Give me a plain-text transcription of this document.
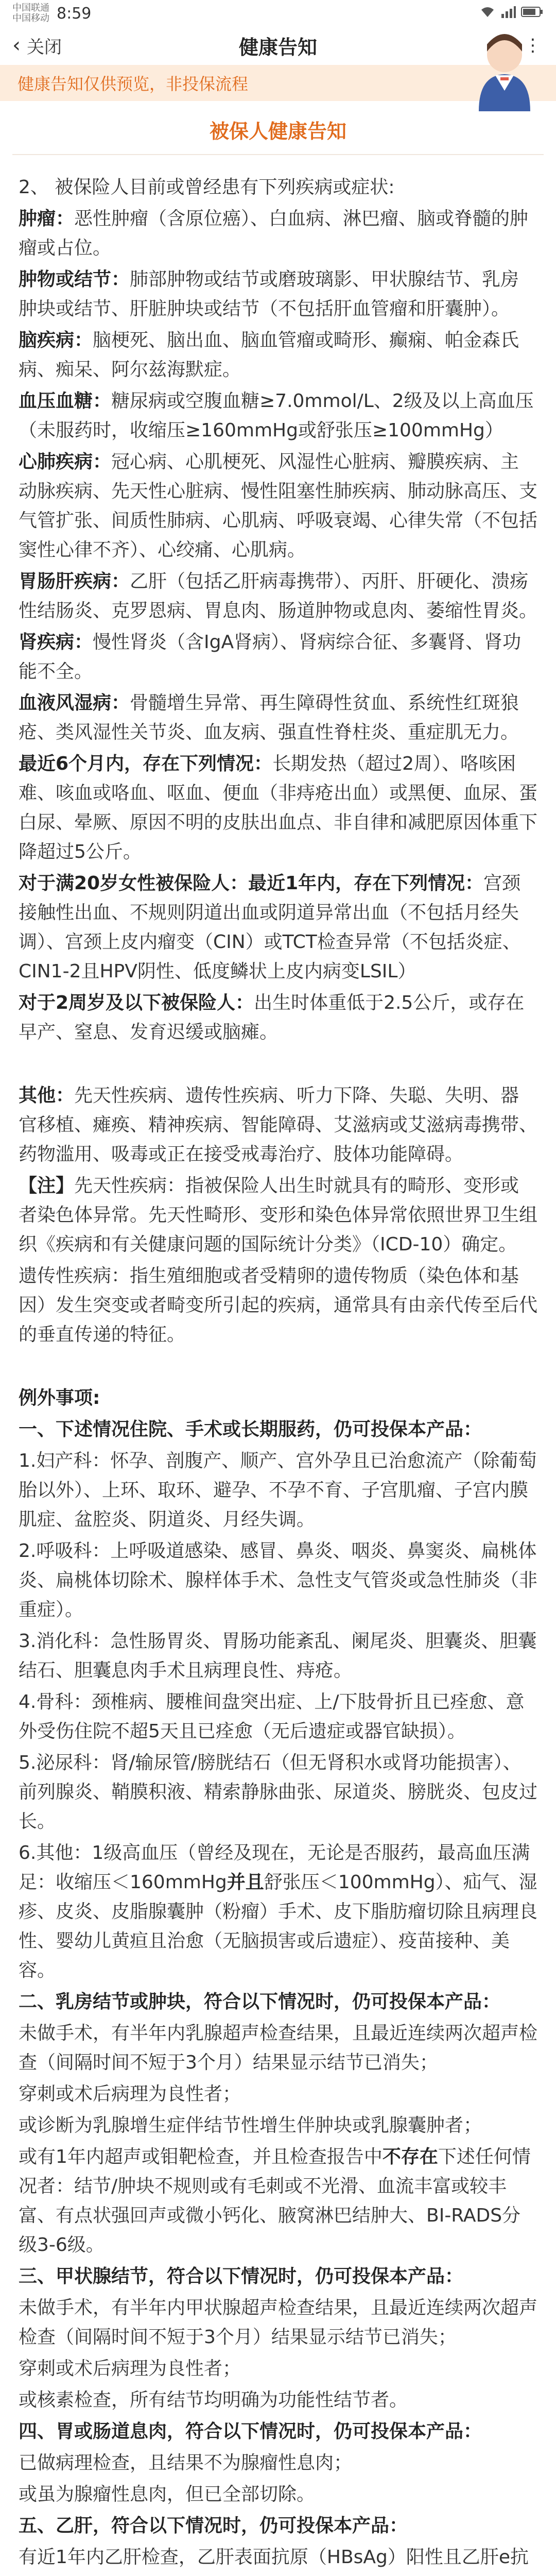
中国联通
中国移动 8:59
‹ 关闭	健康告知	⋮
健康告知仅供预览，非投保流程
被保人健康告知

2、 被保险人目前或曾经患有下列疾病或症状:

肿瘤：恶性肿瘤（含原位癌）、白血病、淋巴瘤、脑或脊髓的肿瘤或占位。

肿物或结节：肺部肿物或结节或磨玻璃影、甲状腺结节、乳房肿块或结节、肝脏肿块或结节（不包括肝血管瘤和肝囊肿）。

脑疾病：脑梗死、脑出血、脑血管瘤或畸形、癫痫、帕金森氏病、痴呆、阿尔兹海默症。

血压血糖：糖尿病或空腹血糖≥7.0mmol/L、2级及以上高血压（未服药时，收缩压≥160mmHg或舒张压≥100mmHg）

心肺疾病：冠心病、心肌梗死、风湿性心脏病、瓣膜疾病、主动脉疾病、先天性心脏病、慢性阻塞性肺疾病、肺动脉高压、支气管扩张、间质性肺病、心肌病、呼吸衰竭、心律失常（不包括窦性心律不齐）、心绞痛、心肌病。

胃肠肝疾病：乙肝（包括乙肝病毒携带）、丙肝、肝硬化、溃疡性结肠炎、克罗恩病、胃息肉、肠道肿物或息肉、萎缩性胃炎。

肾疾病：慢性肾炎（含IgA肾病）、肾病综合征、多囊肾、肾功能不全。

血液风湿病：骨髓增生异常、再生障碍性贫血、系统性红斑狼疮、类风湿性关节炎、血友病、强直性脊柱炎、重症肌无力。

最近6个月内，存在下列情况：长期发热（超过2周）、咯咳困难、咳血或咯血、呕血、便血（非痔疮出血）或黑便、血尿、蛋白尿、晕厥、原因不明的皮肤出血点、非自律和减肥原因体重下降超过5公斤。

对于满20岁女性被保险人：最近1年内，存在下列情况：宫颈接触性出血、不规则阴道出血或阴道异常出血（不包括月经失调）、宫颈上皮内瘤变（CIN）或TCT检查异常（不包括炎症、CIN1-2且HPV阴性、低度鳞状上皮内病变LSIL）

对于2周岁及以下被保险人：出生时体重低于2.5公斤，或存在早产、窒息、发育迟缓或脑瘫。

其他：先天性疾病、遗传性疾病、听力下降、失聪、失明、器官移植、瘫痪、精神疾病、智能障碍、艾滋病或艾滋病毒携带、药物滥用、吸毒或正在接受戒毒治疗、肢体功能障碍。

【注】先天性疾病：指被保险人出生时就具有的畸形、变形或者染色体异常。先天性畸形、变形和染色体异常依照世界卫生组织《疾病和有关健康问题的国际统计分类》（ICD-10）确定。

遗传性疾病：指生殖细胞或者受精卵的遗传物质（染色体和基因）发生突变或者畸变所引起的疾病，通常具有由亲代传至后代的垂直传递的特征。

例外事项:

一、下述情况住院、手术或长期服药，仍可投保本产品：

1.妇产科：怀孕、剖腹产、顺产、宫外孕且已治愈流产（除葡萄胎以外）、上环、取环、避孕、不孕不育、子宫肌瘤、子宫内膜肌症、盆腔炎、阴道炎、月经失调。

2.呼吸科：上呼吸道感染、感冒、鼻炎、咽炎、鼻窦炎、扁桃体炎、扁桃体切除术、腺样体手术、急性支气管炎或急性肺炎（非重症）。

3.消化科：急性肠胃炎、胃肠功能紊乱、阑尾炎、胆囊炎、胆囊结石、胆囊息肉手术且病理良性、痔疮。

4.骨科：颈椎病、腰椎间盘突出症、上/下肢骨折且已痊愈、意外受伤住院不超5天且已痊愈（无后遗症或器官缺损）。

5.泌尿科：肾/输尿管/膀胱结石（但无肾积水或肾功能损害）、前列腺炎、鞘膜积液、精索静脉曲张、尿道炎、膀胱炎、包皮过长。

6.其他：1级高血压（曾经及现在，无论是否服药，最高血压满足：收缩压＜160mmHg并且舒张压＜100mmHg）、疝气、湿疹、皮炎、皮脂腺囊肿（粉瘤）手术、皮下脂肪瘤切除且病理良性、婴幼儿黄疸且治愈（无脑损害或后遗症）、疫苗接种、美容。

二、乳房结节或肿块，符合以下情况时，仍可投保本产品：

未做手术，有半年内乳腺超声检查结果，且最近连续两次超声检查（间隔时间不短于3个月）结果显示结节已消失；

穿刺或术后病理为良性者；

或诊断为乳腺增生症伴结节性增生伴肿块或乳腺囊肿者；

或有1年内超声或钼靶检查，并且检查报告中不存在下述任何情况者：结节/肿块不规则或有毛刺或不光滑、血流丰富或较丰富、有点状强回声或微小钙化、腋窝淋巴结肿大、BI-RADS分级3-6级。

三、甲状腺结节，符合以下情况时，仍可投保本产品：

未做手术，有半年内甲状腺超声检查结果，且最近连续两次超声检查（间隔时间不短于3个月）结果显示结节已消失；

穿刺或术后病理为良性者；

或核素检查，所有结节均明确为功能性结节者。

四、胃或肠道息肉，符合以下情况时，仍可投保本产品：

已做病理检查，且结果不为腺瘤性息肉；

或虽为腺瘤性息肉，但已全部切除。

五、乙肝，符合以下情况时，仍可投保本产品：

有近1年内乙肝检查，乙肝表面抗原（HBsAg）阳性且乙肝e抗
